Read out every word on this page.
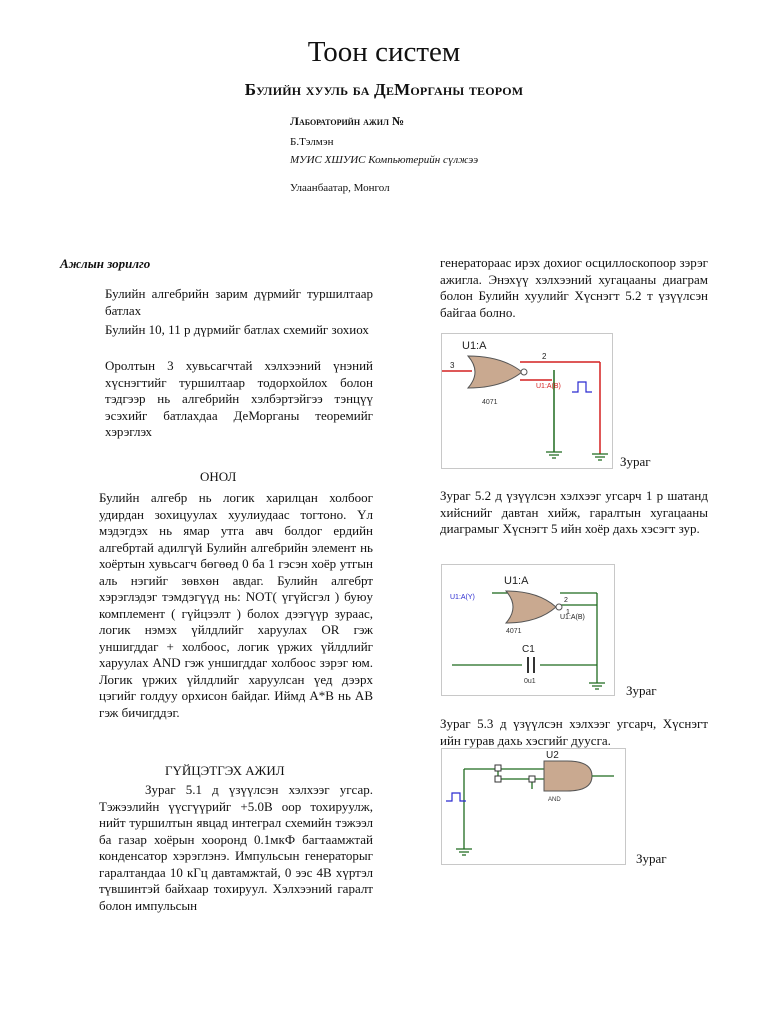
Тоон систем
Булийн хууль ба ДеМорганы теором
Лабораторийн ажил №
Б.Тэлмэн
МУИС ХШУИС Компьютерийн сүлжээ
Улаанбаатар, Монгол
Ажлын зорилго
Булийн алгебрийн зарим дүрмийг туршилтаар батлах
Булийн 10, 11 р дүрмийг батлах схемийг зохиох
Оролтын 3 хувьсагчтай хэлхээний үнэний хүснэгтийг туршилтаар тодорхойлох болон тэдгээр нь алгебрийн хэлбэртэйгээ тэнцүү эсэхийг батлахдаа ДеМорганы теоремийг хэрэглэх
ОНОЛ
Булийн алгебр нь логик харилцан холбоог удирдан зохицуулах хуулиудаас тогтоно. Үл мэдэгдэх нь ямар утга авч болдог ердийн алгебртай адилгүй Булийн алгебрийн элемент нь хоёртын хувьсагч бөгөөд 0 ба 1 гэсэн хоёр утгын аль нэгийг зөвхөн авдаг. Булийн алгебрт хэрэглэдэг тэмдэгүүд нь: NOT( үгүйсгэл ) буюу комплемент ( гүйцээлт ) болох дээгүүр зураас, логик нэмэх үйлдлийг харуулах OR гэж уншигддаг + холбоос, логик үржих үйлдлийг харуулах AND гэж уншигддаг холбоос зэрэг юм. Логик үржих үйлдлийг харуулсан үед дээрх цэгийг голдуу орхисон байдаг. Иймд А*В нь АВ гэж бичигддэг.
ГҮЙЦЭТГЭХ АЖИЛ
Зураг 5.1 д үзүүлсэн хэлхээг угсар. Тэжээлийн үүсгүүрийг +5.0В оор тохируулж, нийт туршилтын явцад интеграл схемийн тэжээл ба газар хоёрын хооронд 0.1мкФ багтаамжтай конденсатор хэрэглэнэ. Импульсын генераторыг гаралтандаа 10 кГц давтамжтай, 0 ээс 4В хүртэл түвшинтэй байхаар тохируул. Хэлхээний гаралт болон импульсын
генератораас ирэх дохиог осциллоскопоор зэрэг ажигла. Энэхүү хэлхээний хугацааны диаграм болон Булийн хуулийг Хүснэгт 5.2 т үзүүлсэн байгаа болно.
U1:A
3
2
U1:A(B)
4071
Зураг
Зураг 5.2 д үзүүлсэн хэлхээг угсарч 1 р шатанд хийснийг давтан хийж, гаралтын хугацааны диаграмыг Хүснэгт 5 ийн хоёр дахь хэсэгт зур.
U1:A
U1:A(Y)
U1:A(B)
2
1
4071
C1
0u1
Зураг
Зураг 5.3 д үзүүлсэн хэлхээг угсарч, Хүснэгт ийн гурав дахь хэсгийг дуусга.
U2
AND
Зураг
